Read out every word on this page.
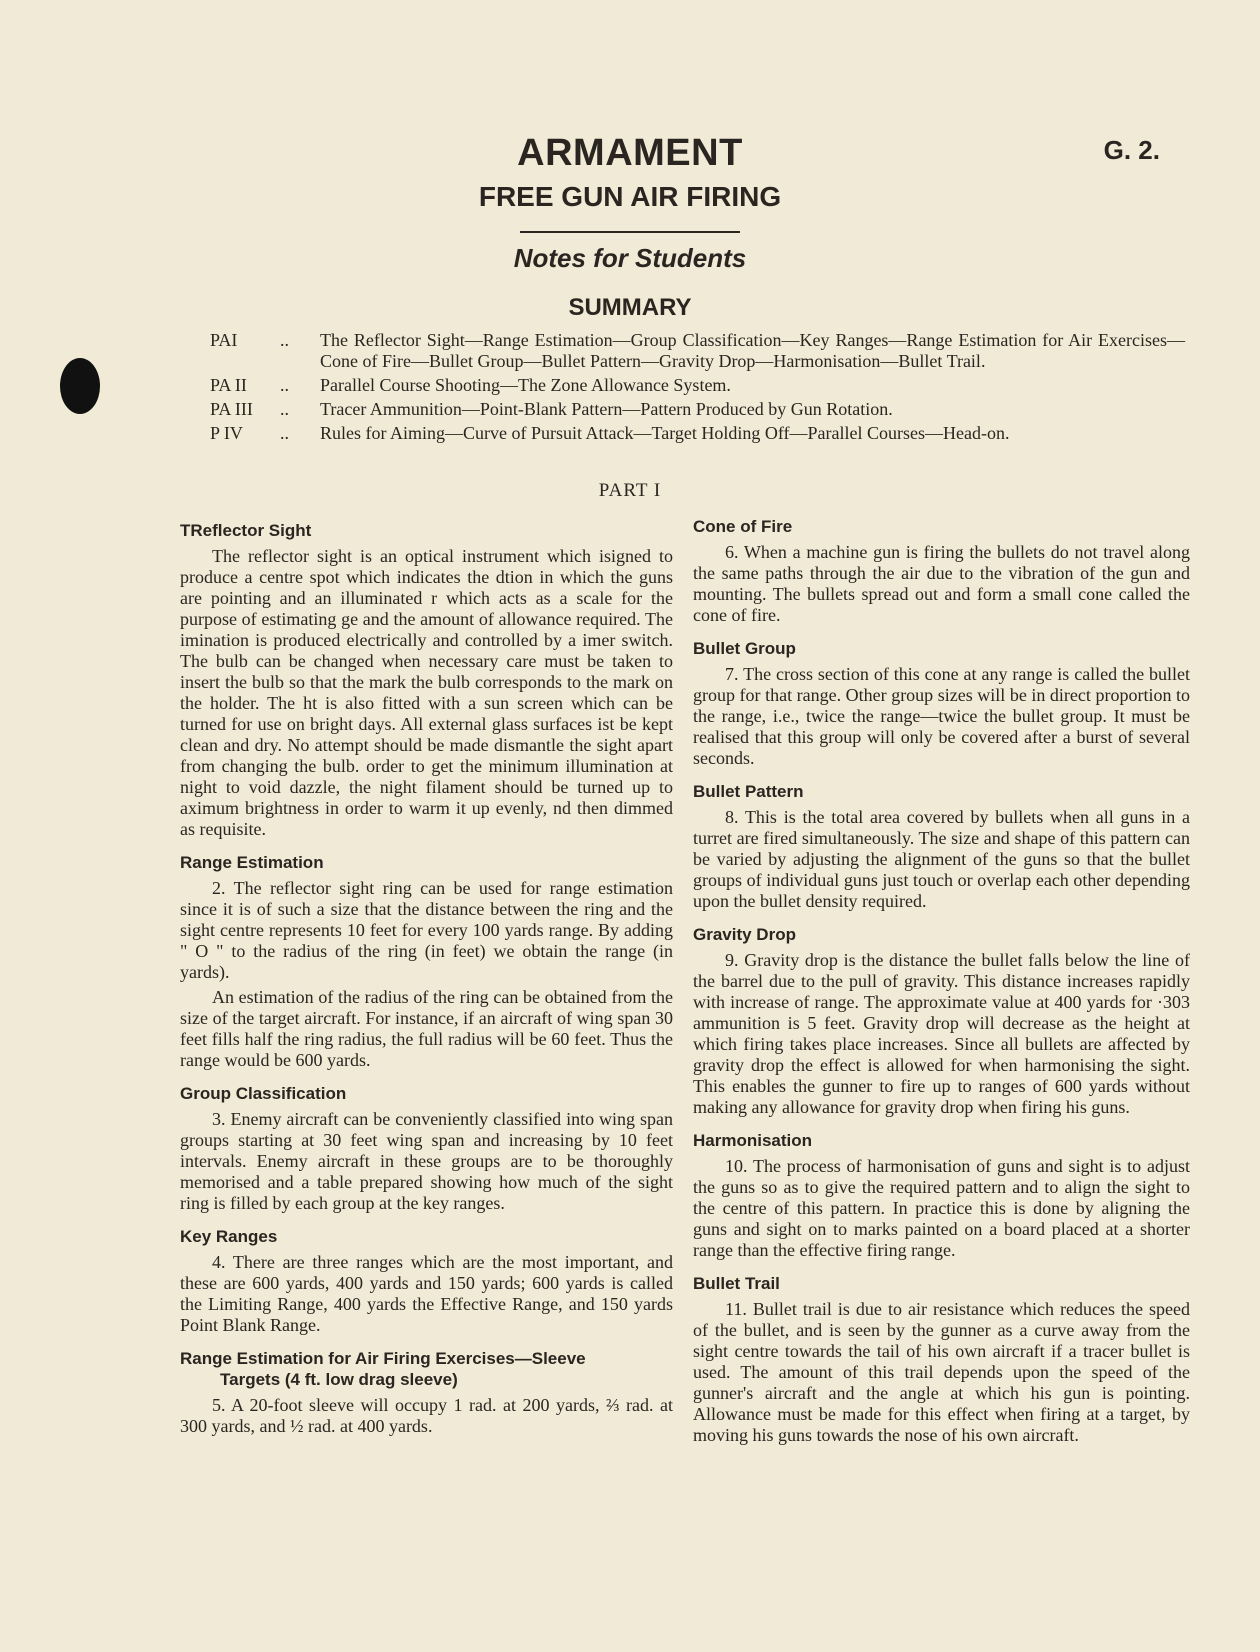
G. 2.
ARMAMENT
FREE GUN AIR FIRING
Notes for Students
SUMMARY
PAI	..	The Reflector Sight—Range Estimation—Group Classification—Key Ranges—Range Estimation for Air Exercises—Cone of Fire—Bullet Group—Bullet Pattern—Gravity Drop—Harmonisation—Bullet Trail.
PA II	..	Parallel Course Shooting—The Zone Allowance System.
PA III	..	Tracer Ammunition—Point-Blank Pattern—Pattern Produced by Gun Rotation.
P IV	..	Rules for Aiming—Curve of Pursuit Attack—Target Holding Off—Parallel Courses—Head-on.
PART I
TReflector Sight

The reflector sight is an optical instrument which isigned to produce a centre spot which indicates the dtion in which the guns are pointing and an illuminated r which acts as a scale for the purpose of estimating ge and the amount of allowance required. The imination is produced electrically and controlled by a imer switch. The bulb can be changed when necessary care must be taken to insert the bulb so that the mark the bulb corresponds to the mark on the holder. The ht is also fitted with a sun screen which can be turned for use on bright days. All external glass surfaces ist be kept clean and dry. No attempt should be made dismantle the sight apart from changing the bulb. order to get the minimum illumination at night to void dazzle, the night filament should be turned up to aximum brightness in order to warm it up evenly, nd then dimmed as requisite.

Range Estimation

2. The reflector sight ring can be used for range estimation since it is of such a size that the distance between the ring and the sight centre represents 10 feet for every 100 yards range. By adding " O " to the radius of the ring (in feet) we obtain the range (in yards).

An estimation of the radius of the ring can be obtained from the size of the target aircraft. For instance, if an aircraft of wing span 30 feet fills half the ring radius, the full radius will be 60 feet. Thus the range would be 600 yards.

Group Classification

3. Enemy aircraft can be conveniently classified into wing span groups starting at 30 feet wing span and increasing by 10 feet intervals. Enemy aircraft in these groups are to be thoroughly memorised and a table prepared showing how much of the sight ring is filled by each group at the key ranges.

Key Ranges

4. There are three ranges which are the most important, and these are 600 yards, 400 yards and 150 yards; 600 yards is called the Limiting Range, 400 yards the Effective Range, and 150 yards Point Blank Range.

Range Estimation for Air Firing Exercises—Sleeve
Targets (4 ft. low drag sleeve)

5. A 20-foot sleeve will occupy 1 rad. at 200 yards, ⅔ rad. at 300 yards, and ½ rad. at 400 yards.

Cone of Fire

6. When a machine gun is firing the bullets do not travel along the same paths through the air due to the vibration of the gun and mounting. The bullets spread out and form a small cone called the cone of fire.

Bullet Group

7. The cross section of this cone at any range is called the bullet group for that range. Other group sizes will be in direct proportion to the range, i.e., twice the range—twice the bullet group. It must be realised that this group will only be covered after a burst of several seconds.

Bullet Pattern

8. This is the total area covered by bullets when all guns in a turret are fired simultaneously. The size and shape of this pattern can be varied by adjusting the alignment of the guns so that the bullet groups of individual guns just touch or overlap each other depending upon the bullet density required.

Gravity Drop

9. Gravity drop is the distance the bullet falls below the line of the barrel due to the pull of gravity. This distance increases rapidly with increase of range. The approximate value at 400 yards for ·303 ammunition is 5 feet. Gravity drop will decrease as the height at which firing takes place increases. Since all bullets are affected by gravity drop the effect is allowed for when harmonising the sight. This enables the gunner to fire up to ranges of 600 yards without making any allowance for gravity drop when firing his guns.

Harmonisation

10. The process of harmonisation of guns and sight is to adjust the guns so as to give the required pattern and to align the sight to the centre of this pattern. In practice this is done by aligning the guns and sight on to marks painted on a board placed at a shorter range than the effective firing range.

Bullet Trail

11. Bullet trail is due to air resistance which reduces the speed of the bullet, and is seen by the gunner as a curve away from the sight centre towards the tail of his own aircraft if a tracer bullet is used. The amount of this trail depends upon the speed of the gunner's aircraft and the angle at which his gun is pointing. Allowance must be made for this effect when firing at a target, by moving his guns towards the nose of his own aircraft.
